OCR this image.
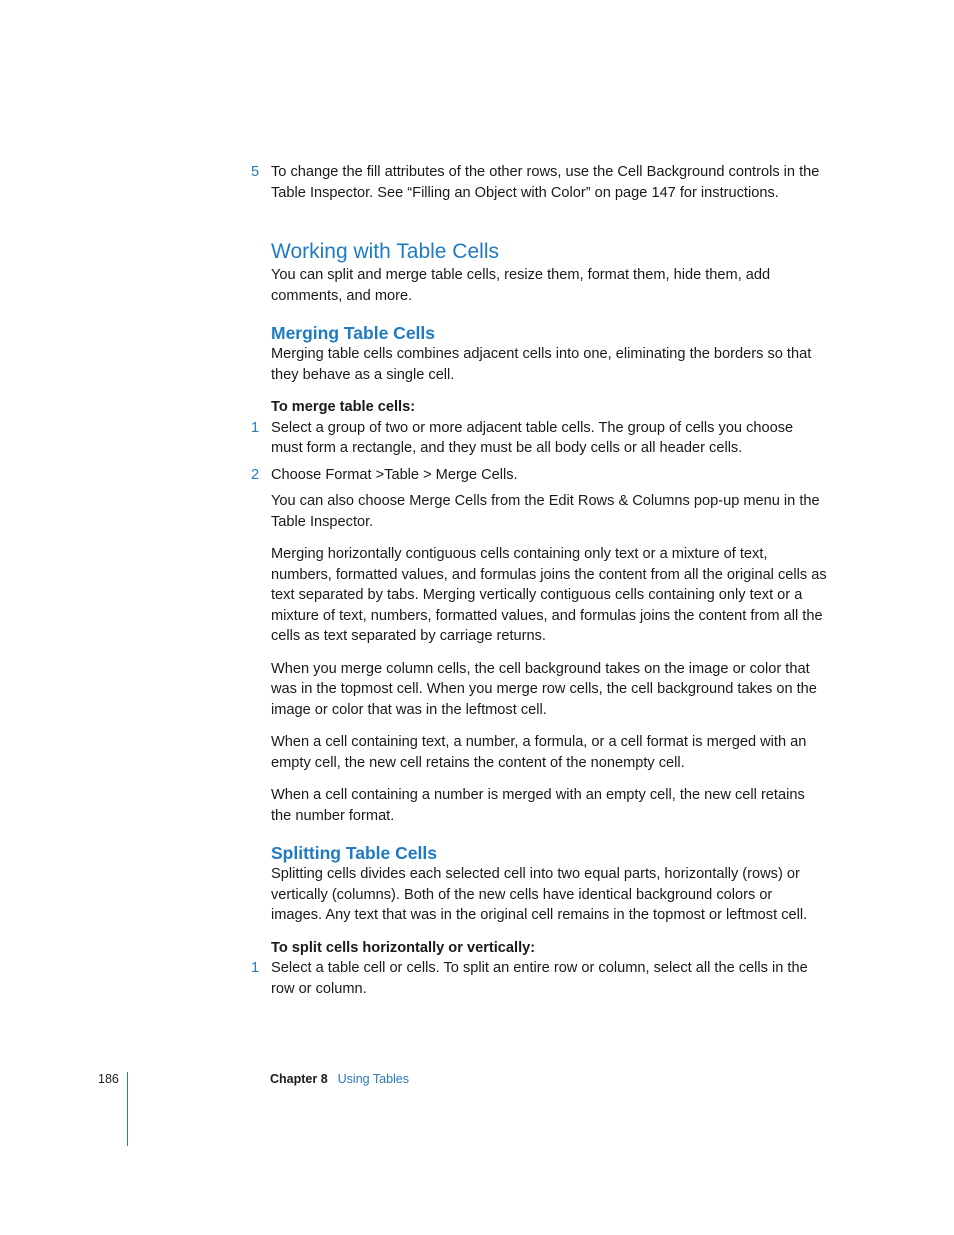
5 To change the fill attributes of the other rows, use the Cell Background controls in the Table Inspector. See “Filling an Object with Color” on page 147 for instructions.

Working with Table Cells

You can split and merge table cells, resize them, format them, hide them, add comments, and more.

Merging Table Cells

Merging table cells combines adjacent cells into one, eliminating the borders so that they behave as a single cell.

To merge table cells:

1 Select a group of two or more adjacent table cells. The group of cells you choose must form a rectangle, and they must be all body cells or all header cells.

2 Choose Format >Table > Merge Cells.

You can also choose Merge Cells from the Edit Rows & Columns pop-up menu in the Table Inspector.

Merging horizontally contiguous cells containing only text or a mixture of text, numbers, formatted values, and formulas joins the content from all the original cells as text separated by tabs. Merging vertically contiguous cells containing only text or a mixture of text, numbers, formatted values, and formulas joins the content from all the cells as text separated by carriage returns.

When you merge column cells, the cell background takes on the image or color that was in the topmost cell. When you merge row cells, the cell background takes on the image or color that was in the leftmost cell.

When a cell containing text, a number, a formula, or a cell format is merged with an empty cell, the new cell retains the content of the nonempty cell.

When a cell containing a number is merged with an empty cell, the new cell retains the number format.

Splitting Table Cells

Splitting cells divides each selected cell into two equal parts, horizontally (rows) or vertically (columns). Both of the new cells have identical background colors or images. Any text that was in the original cell remains in the topmost or leftmost cell.

To split cells horizontally or vertically:

1 Select a table cell or cells. To split an entire row or column, select all the cells in the row or column.

186	Chapter 8 Using Tables
